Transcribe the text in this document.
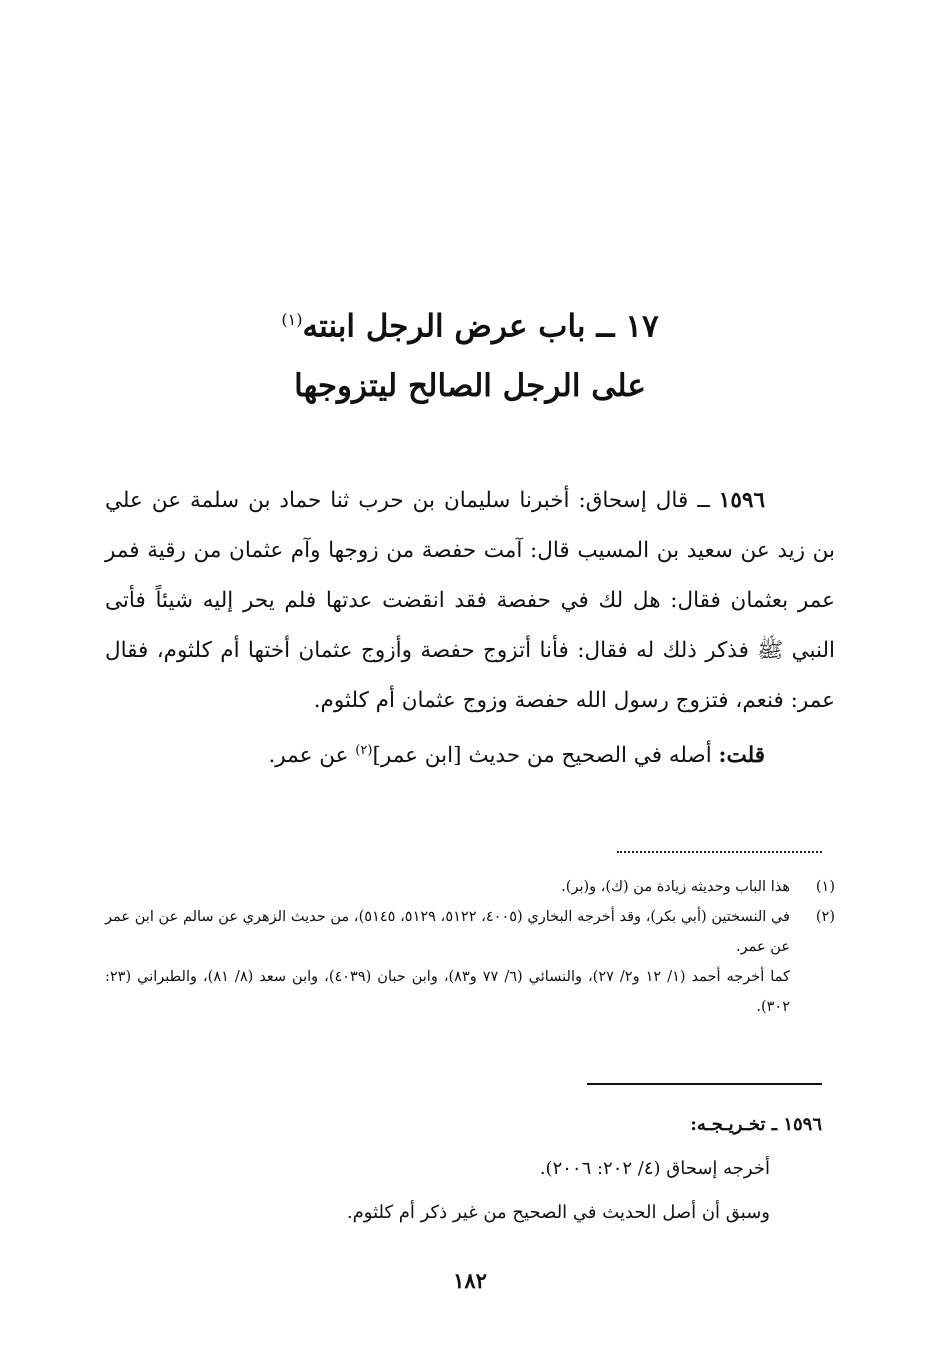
١٧ ــ باب عرض الرجل ابنته$^{(١)}$
على الرجل الصالح ليتزوجها

١٥٩٦ ــ قال إسحاق: أخبرنا سليمان بن حرب ثنا حماد بن سلمة عن علي بن زيد عن سعيد بن المسيب قال: آمت حفصة من زوجها وآم عثمان من رقية فمر عمر بعثمان فقال: هل لك في حفصة فقد انقضت عدتها فلم يحر إليه شيئاً فأتى النبي ﷺ فذكر ذلك له فقال: فأنا أتزوج حفصة وأزوج عثمان أختها أم كلثوم، فقال عمر: فنعم، فتزوج رسول الله حفصة وزوج عثمان أم كلثوم.

قلت: أصله في الصحيح من حديث [ابن عمر]$^{(٢)}$ عن عمر.

(١)
هذا الباب وحديثه زيادة من (ك)، و(بر).
(٢)
في النسختين (أبي بكر)، وقد أخرجه البخاري (٤٠٠٥، ٥١٢٢، ٥١٢٩، ٥١٤٥)، من حديث الزهري عن سالم عن ابن عمر عن عمر.
كما أخرجه أحمد (١/ ١٢ و٢/ ٢٧)، والنسائي (٦/ ٧٧ و٨٣)، وابن حبان (٤٠٣٩)، وابن سعد (٨/ ٨١)، والطبراني (٢٣: ٣٠٢).
١٥٩٦ ـ تخـريـجـه:
أخرجه إسحاق (٤/ ٢٠٢: ٢٠٠٦).
وسبق أن أصل الحديث في الصحيح من غير ذكر أم كلثوم.
١٨٢
